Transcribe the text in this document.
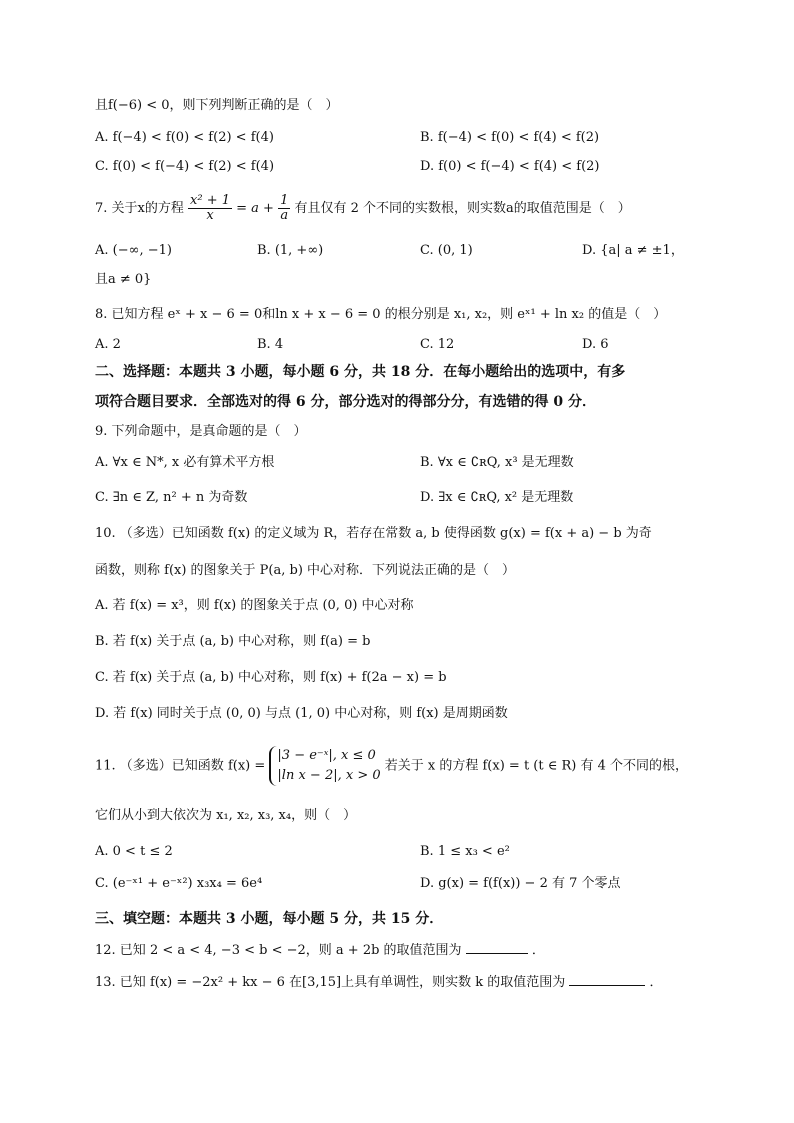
且f(−6) < 0，则下列判断正确的是（　）
A. f(−4) < f(0) < f(2) < f(4)	B. f(−4) < f(0) < f(4) < f(2)
C. f(0) < f(−4) < f(2) < f(4)	D. f(0) < f(−4) < f(4) < f(2)
7. 关于x的方程 $\frac{\text{x² + 1}}{x} = a + \frac{1}{a}$ 有且仅有 2 个不同的实数根，则实数a的取值范围是（　）
A. (−∞, −1)	B. (1, +∞)	C. (0, 1)	D. {a| a ≠ ±1，
且a ≠ 0}
8. 已知方程 eˣ + x − 6 = 0和ln x + x − 6 = 0 的根分别是 x₁, x₂，则 eˣ¹ + ln x₂ 的值是（　）
A. 2	B. 4	C. 12	D. 6
二、选择题：本题共 3 小题，每小题 6 分，共 18 分．在每小题给出的选项中，有多
项符合题目要求．全部选对的得 6 分，部分选对的得部分分，有选错的得 0 分．
9. 下列命题中，是真命题的是（　）
A. ∀x ∈ N*, x 必有算术平方根	B. ∀x ∈ ∁ʀQ, x³ 是无理数
C. ∃n ∈ Z, n² + n 为奇数	D. ∃x ∈ ∁ʀQ, x² 是无理数
10. （多选）已知函数 f(x) 的定义域为 R，若存在常数 a, b 使得函数 g(x) = f(x + a) − b 为奇
函数，则称 f(x) 的图象关于 P(a, b) 中心对称．下列说法正确的是（　）
A. 若 f(x) = x³，则 f(x) 的图象关于点 (0, 0) 中心对称
B. 若 f(x) 关于点 (a, b) 中心对称，则 f(a) = b
C. 若 f(x) 关于点 (a, b) 中心对称，则 f(x) + f(2a − x) = b
D. 若 f(x) 同时关于点 (0, 0) 与点 (1, 0) 中心对称，则 f(x) 是周期函数
11. （多选）已知函数 f(x) =
|3 − e⁻ˣ|, x ≤ 0
|ln x − 2|, x > 0
若关于 x 的方程 f(x) = t (t ∈ R) 有 4 个不同的根，
它们从小到大依次为 x₁, x₂, x₃, x₄，则（　）
A. 0 < t ≤ 2	B. 1 ≤ x₃ < e²
C. (e⁻ˣ¹ + e⁻ˣ²) x₃x₄ = 6e⁴	D. g(x) = f(f(x)) − 2 有 7 个零点
三、填空题：本题共 3 小题，每小题 5 分，共 15 分．
12. 已知 2 < a < 4, −3 < b < −2，则 a + 2b 的取值范围为	．
13. 已知 f(x) = −2x² + kx − 6 在[3,15]上具有单调性，则实数 k 的取值范围为	．
